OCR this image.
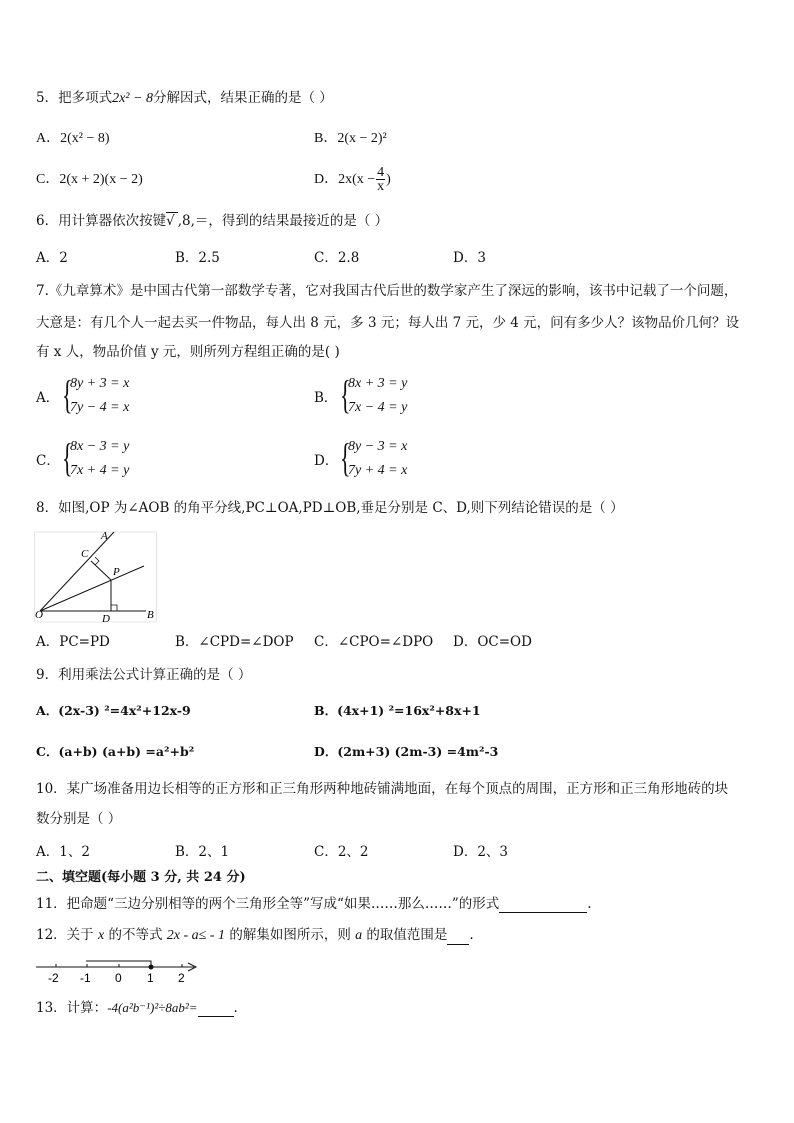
5．把多项式2x² − 8分解因式，结果正确的是（ ）
A．2(x² − 8)	B．2(x − 2)²
C．2(x + 2)(x − 2)	D．$2x(x - \frac{4}{x}$ )
6．用计算器依次按键√ ,8,＝，得到的结果最接近的是（ ）
A．2	B．2.5	C．2.8	D．3
7.《九章算术》是中国古代第一部数学专著，它对我国古代后世的数学家产生了深远的影响，该书中记载了一个问题，
大意是：有几个人一起去买一件物品，每人出 8 元，多 3 元；每人出 7 元，少 4 元，问有多少人？该物品价几何？设
有 x 人，物品价值 y 元，则所列方程组正确的是( )
A． {
8y + 3 = x
7y − 4 = x
B． {
8x + 3 = y
7x − 4 = y
C． {
8x − 3 = y
7x + 4 = y
D． {
8y − 3 = x
7y + 4 = x
8．如图,OP 为∠AOB 的角平分线,PC⊥OA,PD⊥OB,垂足分别是 C、D,则下列结论错误的是（ ）
A
C
P
O	D	B
A．PC=PD	B．∠CPD=∠DOP C．∠CPO=∠DPO D．OC=OD
9．利用乘法公式计算正确的是（ ）
A．(2x-3) ²=4x²+12x-9	B．(4x+1) ²=16x²+8x+1
C．(a+b) (a+b) =a²+b²	D．(2m+3) (2m-3) =4m²-3
10．某广场准备用边长相等的正方形和正三角形两种地砖铺满地面，在每个顶点的周围，正方形和正三角形地砖的块
数分别是（ ）
A．1、2	B．2、1	C．2、2	D．2、3
二、填空题(每小题 3 分, 共 24 分)
11．把命题“三边分别相等的两个三角形全等”写成“如果……那么……”的形式	.
12．关于 x 的不等式 2x - a≤ - 1 的解集如图所示，则 a 的取值范围是 .
-2 -1 0 1 2
13．计算：-4(a²b⁻¹)²÷8ab²=	.
